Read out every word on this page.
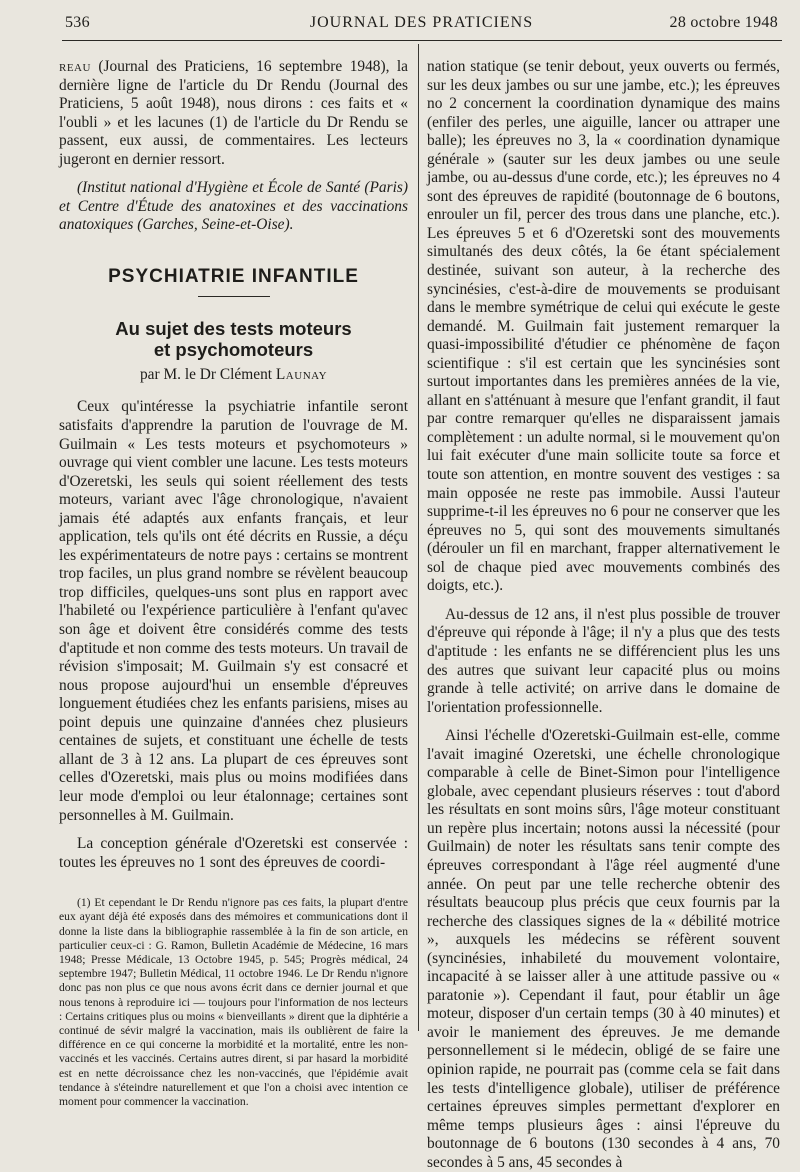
536	JOURNAL DES PRATICIENS	28 octobre 1948

reau (Journal des Praticiens, 16 septembre 1948), la dernière ligne de l'article du Dr Rendu (Journal des Praticiens, 5 août 1948), nous dirons : ces faits et « l'oubli » et les lacunes (1) de l'article du Dr Rendu se passent, eux aussi, de commentaires. Les lecteurs jugeront en dernier ressort.

(Institut national d'Hygiène et École de Santé (Paris) et Centre d'Étude des anatoxines et des vaccinations anatoxiques (Garches, Seine-et-Oise).

PSYCHIATRIE INFANTILE
Au sujet des tests moteurs
et psychomoteurs
par M. le Dr Clément Launay

Ceux qu'intéresse la psychiatrie infantile seront satisfaits d'apprendre la parution de l'ouvrage de M. Guilmain « Les tests moteurs et psychomoteurs » ouvrage qui vient combler une lacune. Les tests moteurs d'Ozeretski, les seuls qui soient réellement des tests moteurs, variant avec l'âge chronologique, n'avaient jamais été adaptés aux enfants français, et leur application, tels qu'ils ont été décrits en Russie, a déçu les expérimentateurs de notre pays : certains se montrent trop faciles, un plus grand nombre se révèlent beaucoup trop difficiles, quelques-uns sont plus en rapport avec l'habileté ou l'expérience particulière à l'enfant qu'avec son âge et doivent être considérés comme des tests d'aptitude et non comme des tests moteurs. Un travail de révision s'imposait; M. Guilmain s'y est consacré et nous propose aujourd'hui un ensemble d'épreuves longuement étudiées chez les enfants parisiens, mises au point depuis une quinzaine d'années chez plusieurs centaines de sujets, et constituant une échelle de tests allant de 3 à 12 ans. La plupart de ces épreuves sont celles d'Ozeretski, mais plus ou moins modifiées dans leur mode d'emploi ou leur étalonnage; certaines sont personnelles à M. Guilmain.

La conception générale d'Ozeretski est conservée : toutes les épreuves no 1 sont des épreuves de coordi-

(1) Et cependant le Dr Rendu n'ignore pas ces faits, la plupart d'entre eux ayant déjà été exposés dans des mémoires et communications dont il donne la liste dans la bibliographie rassemblée à la fin de son article, en particulier ceux-ci : G. Ramon, Bulletin Académie de Médecine, 16 mars 1948; Presse Médicale, 13 Octobre 1945, p. 545; Progrès médical, 24 septembre 1947; Bulletin Médical, 11 octobre 1946. Le Dr Rendu n'ignore donc pas non plus ce que nous avons écrit dans ce dernier journal et que nous tenons à reproduire ici — toujours pour l'information de nos lecteurs : Certains critiques plus ou moins « bienveillants » dirent que la diphtérie a continué de sévir malgré la vaccination, mais ils oublièrent de faire la différence en ce qui concerne la morbidité et la mortalité, entre les non-vaccinés et les vaccinés. Certains autres dirent, si par hasard la morbidité est en nette décroissance chez les non-vaccinés, que l'épidémie avait tendance à s'éteindre naturellement et que l'on a choisi avec intention ce moment pour commencer la vaccination.

nation statique (se tenir debout, yeux ouverts ou fermés, sur les deux jambes ou sur une jambe, etc.); les épreuves no 2 concernent la coordination dynamique des mains (enfiler des perles, une aiguille, lancer ou attraper une balle); les épreuves no 3, la « coordination dynamique générale » (sauter sur les deux jambes ou une seule jambe, ou au-dessus d'une corde, etc.); les épreuves no 4 sont des épreuves de rapidité (boutonnage de 6 boutons, enrouler un fil, percer des trous dans une planche, etc.). Les épreuves 5 et 6 d'Ozeretski sont des mouvements simultanés des deux côtés, la 6e étant spécialement destinée, suivant son auteur, à la recherche des syncinésies, c'est-à-dire de mouvements se produisant dans le membre symétrique de celui qui exécute le geste demandé. M. Guilmain fait justement remarquer la quasi-impossibilité d'étudier ce phénomène de façon scientifique : s'il est certain que les syncinésies sont surtout importantes dans les premières années de la vie, allant en s'atténuant à mesure que l'enfant grandit, il faut par contre remarquer qu'elles ne disparaissent jamais complètement : un adulte normal, si le mouvement qu'on lui fait exécuter d'une main sollicite toute sa force et toute son attention, en montre souvent des vestiges : sa main opposée ne reste pas immobile. Aussi l'auteur supprime-t-il les épreuves no 6 pour ne conserver que les épreuves no 5, qui sont des mouvements simultanés (dérouler un fil en marchant, frapper alternativement le sol de chaque pied avec mouvements combinés des doigts, etc.).

Au-dessus de 12 ans, il n'est plus possible de trouver d'épreuve qui réponde à l'âge; il n'y a plus que des tests d'aptitude : les enfants ne se différencient plus les uns des autres que suivant leur capacité plus ou moins grande à telle activité; on arrive dans le domaine de l'orientation professionnelle.

Ainsi l'échelle d'Ozeretski-Guilmain est-elle, comme l'avait imaginé Ozeretski, une échelle chronologique comparable à celle de Binet-Simon pour l'intelligence globale, avec cependant plusieurs réserves : tout d'abord les résultats en sont moins sûrs, l'âge moteur constituant un repère plus incertain; notons aussi la nécessité (pour Guilmain) de noter les résultats sans tenir compte des épreuves correspondant à l'âge réel augmenté d'une année. On peut par une telle recherche obtenir des résultats beaucoup plus précis que ceux fournis par la recherche des classiques signes de la « débilité motrice », auxquels les médecins se réfèrent souvent (syncinésies, inhabileté du mouvement volontaire, incapacité à se laisser aller à une attitude passive ou « paratonie »). Cependant il faut, pour établir un âge moteur, disposer d'un certain temps (30 à 40 minutes) et avoir le maniement des épreuves. Je me demande personnellement si le médecin, obligé de se faire une opinion rapide, ne pourrait pas (comme cela se fait dans les tests d'intelligence globale), utiliser de préférence certaines épreuves simples permettant d'explorer en même temps plusieurs âges : ainsi l'épreuve du boutonnage de 6 boutons (130 secondes à 4 ans, 70 secondes à 5 ans, 45 secondes à
